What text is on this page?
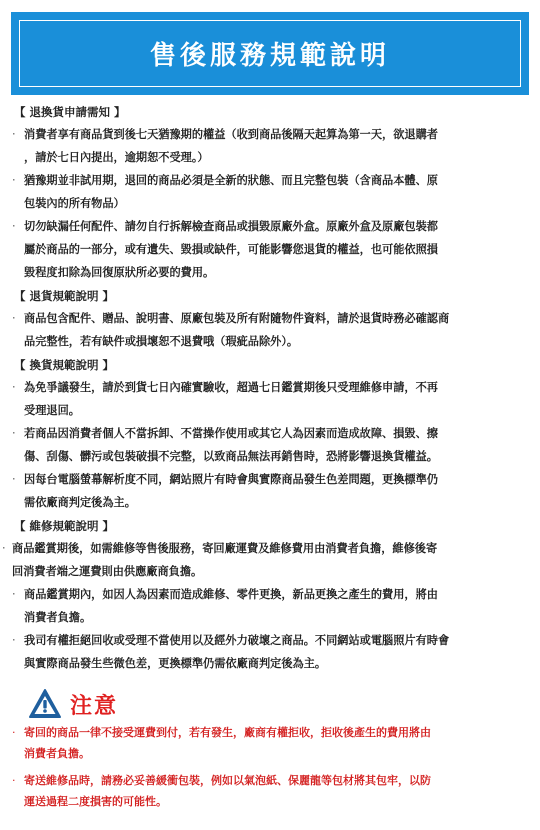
售後服務規範說明
【 退換貨申請需知 】
‧ 消費者享有商品貨到後七天猶豫期的權益（收到商品後隔天起算為第一天，欲退購者
，請於七日內提出，逾期恕不受理。）
‧ 猶豫期並非試用期，退回的商品必須是全新的狀態、而且完整包裝（含商品本體、原
包裝內的所有物品）
‧ 切勿缺漏任何配件、請勿自行拆解檢查商品或損毀原廠外盒。原廠外盒及原廠包裝都
屬於商品的一部分，或有遺失、毀損或缺件，可能影響您退貨的權益，也可能依照損
毀程度扣除為回復原狀所必要的費用。
【 退貨規範說明 】
‧ 商品包含配件、贈品、說明書、原廠包裝及所有附隨物件資料，請於退貨時務必確認商
品完整性，若有缺件或損壞恕不退費哦（瑕疵品除外）。
【 換貨規範說明 】
‧ 為免爭議發生，請於到貨七日內確實驗收，超過七日鑑賞期後只受理維修申請，不再
受理退回。
‧ 若商品因消費者個人不當拆卸、不當操作使用或其它人為因素而造成故障、損毀、擦
傷、刮傷、髒污或包裝破損不完整，以致商品無法再銷售時，恐將影響退換貨權益。
‧ 因每台電腦螢幕解析度不同，網站照片有時會與實際商品發生色差問題，更換標準仍
需依廠商判定後為主。
【 維修規範說明 】
‧ 商品鑑賞期後，如需維修等售後服務，寄回廠運費及維修費用由消費者負擔，維修後寄
回消費者端之運費則由供應廠商負擔。
‧ 商品鑑賞期內，如因人為因素而造成維修、零件更換，新品更換之產生的費用，將由
消費者負擔。
‧ 我司有權拒絕回收或受理不當使用以及經外力破壞之商品。不同網站或電腦照片有時會
與實際商品發生些微色差，更換標準仍需依廠商判定後為主。
注意
‧ 寄回的商品一律不接受運費到付，若有發生，廠商有權拒收，拒收後產生的費用將由
消費者負擔。
‧ 寄送維修品時，請務必妥善緩衝包裝，例如以氣泡紙、保麗龍等包材將其包牢，以防
運送過程二度損害的可能性。
